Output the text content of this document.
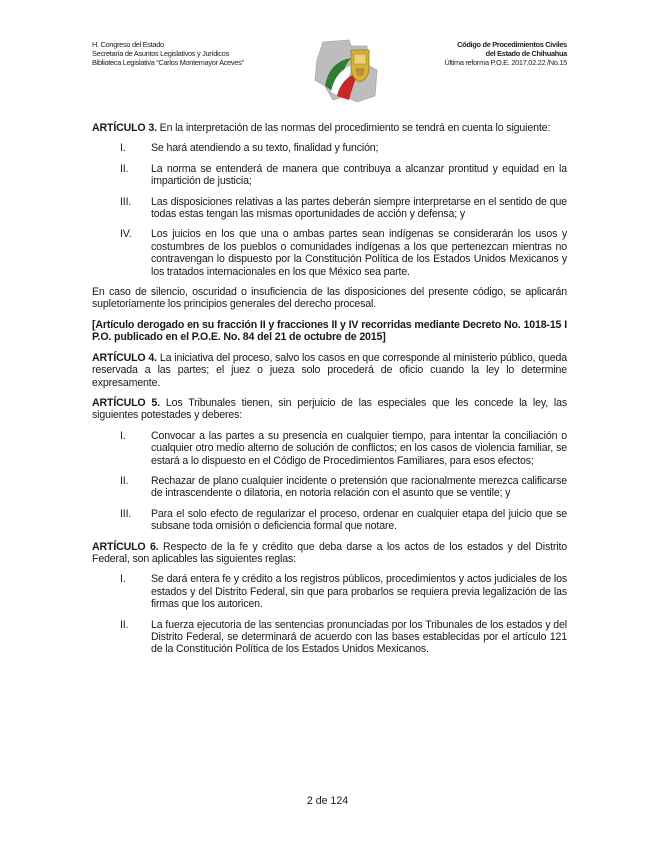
H. Congreso del Estado
Secretaría de Asuntos Legislativos y Jurídicos
Biblioteca Legislativa “Carlos Montemayor Aceves”
Código de Procedimientos Civiles
del Estado de Chihuahua
Última reforma P.O.E. 2017.02.22 /No.15

ARTÍCULO 3. En la interpretación de las normas del procedimiento se tendrá en cuenta lo siguiente:

I. Se hará atendiendo a su texto, finalidad y función;
II. La norma se entenderá de manera que contribuya a alcanzar prontitud y equidad en la impartición de justicia;
III. Las disposiciones relativas a las partes deberán siempre interpretarse en el sentido de que todas estas tengan las mismas oportunidades de acción y defensa; y
IV. Los juicios en los que una o ambas partes sean indígenas se considerarán los usos y costumbres de los pueblos o comunidades indígenas a los que pertenezcan mientras no contravengan lo dispuesto por la Constitución Política de los Estados Unidos Mexicanos y los tratados internacionales en los que México sea parte.

En caso de silencio, oscuridad o insuficiencia de las disposiciones del presente código, se aplicarán supletoriamente los principios generales del derecho procesal.

[Artículo derogado en su fracción II y fracciones II y IV recorridas mediante Decreto No. 1018-15 I P.O. publicado en el P.O.E. No. 84 del 21 de octubre de 2015]

ARTÍCULO 4. La iniciativa del proceso, salvo los casos en que corresponde al ministerio público, queda reservada a las partes; el juez o jueza solo procederá de oficio cuando la ley lo determine expresamente.

ARTÍCULO 5. Los Tribunales tienen, sin perjuicio de las especiales que les concede la ley, las siguientes potestades y deberes:

I. Convocar a las partes a su presencia en cualquier tiempo, para intentar la conciliación o cualquier otro medio alterno de solución de conflictos; en los casos de violencia familiar, se estará a lo dispuesto en el Código de Procedimientos Familiares, para esos efectos;
II. Rechazar de plano cualquier incidente o pretensión que racionalmente merezca calificarse de intrascendente o dilatoria, en notoria relación con el asunto que se ventile; y
III. Para el solo efecto de regularizar el proceso, ordenar en cualquier etapa del juicio que se subsane toda omisión o deficiencia formal que notare.

ARTÍCULO 6. Respecto de la fe y crédito que deba darse a los actos de los estados y del Distrito Federal, son aplicables las siguientes reglas:

I. Se dará entera fe y crédito a los registros públicos, procedimientos y actos judiciales de los estados y del Distrito Federal, sin que para probarlos se requiera previa legalización de las firmas que los autoricen.
II. La fuerza ejecutoria de las sentencias pronunciadas por los Tribunales de los estados y del Distrito Federal, se determinará de acuerdo con las bases establecidas por el artículo 121 de la Constitución Política de los Estados Unidos Mexicanos.
2 de 124
